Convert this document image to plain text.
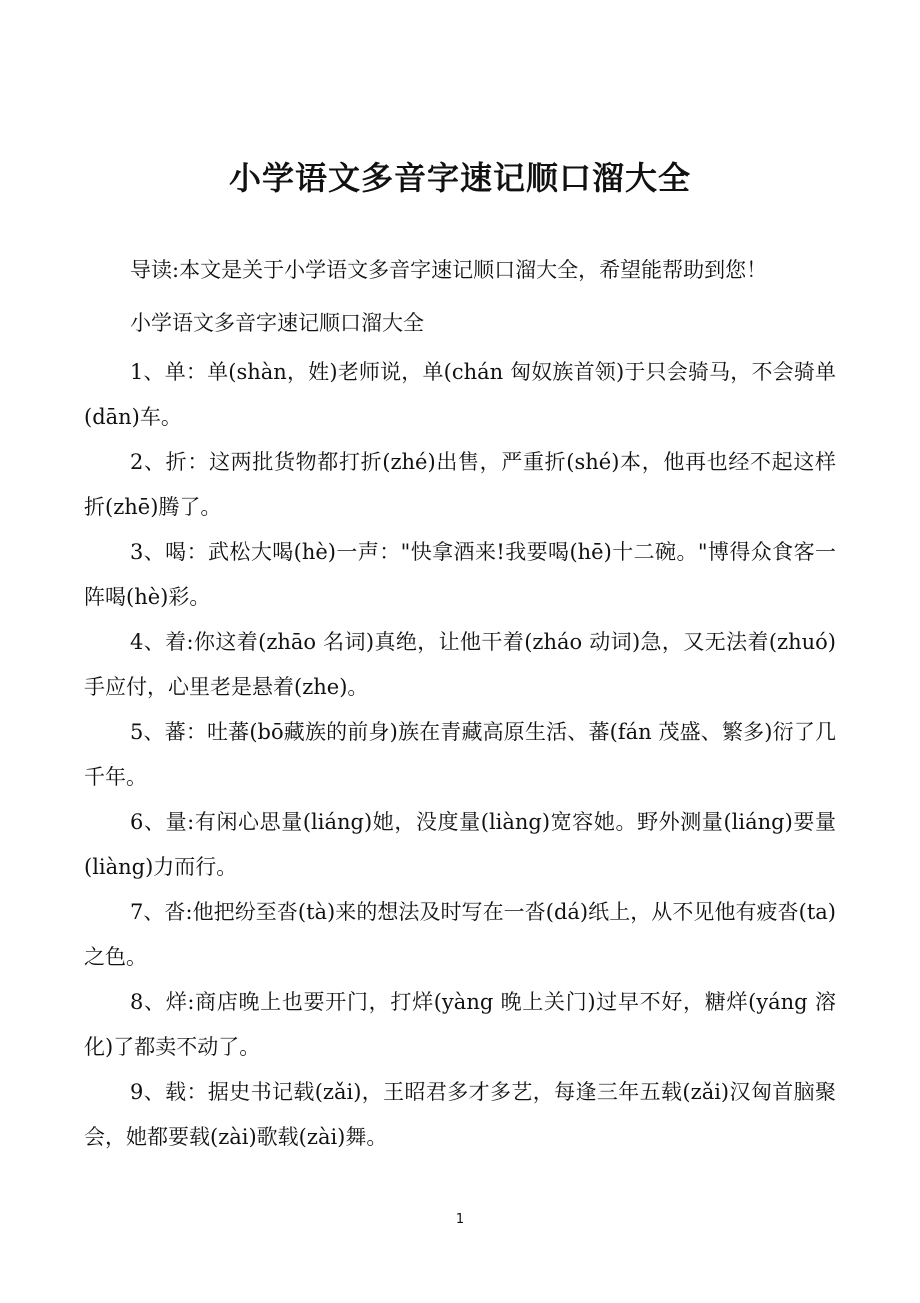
小学语文多音字速记顺口溜大全

导读:本文是关于小学语文多音字速记顺口溜大全，希望能帮助到您！

小学语文多音字速记顺口溜大全

1、单：单(shàn，姓)老师说，单(chán 匈奴族首领)于只会骑马，不会骑单(dān)车。

2、折：这两批货物都打折(zhé)出售，严重折(shé)本，他再也经不起这样折(zhē)腾了。

3、喝：武松大喝(hè)一声："快拿酒来!我要喝(hē)十二碗。"博得众食客一阵喝(hè)彩。

4、着:你这着(zhāo 名词)真绝，让他干着(zháo 动词)急，又无法着(zhuó)手应付，心里老是悬着(zhe)。

5、蕃：吐蕃(bō藏族的前身)族在青藏高原生活、蕃(fán 茂盛、繁多)衍了几千年。

6、量:有闲心思量(liáng)她，没度量(liàng)宽容她。野外测量(liáng)要量(liàng)力而行。

7、沓:他把纷至沓(tà)来的想法及时写在一沓(dá)纸上，从不见他有疲沓(ta)之色。

8、烊:商店晚上也要开门，打烊(yàng 晚上关门)过早不好，糖烊(yáng 溶化)了都卖不动了。

9、载：据史书记载(zǎi)，王昭君多才多艺，每逢三年五载(zǎi)汉匈首脑聚会，她都要载(zài)歌载(zài)舞。

1
